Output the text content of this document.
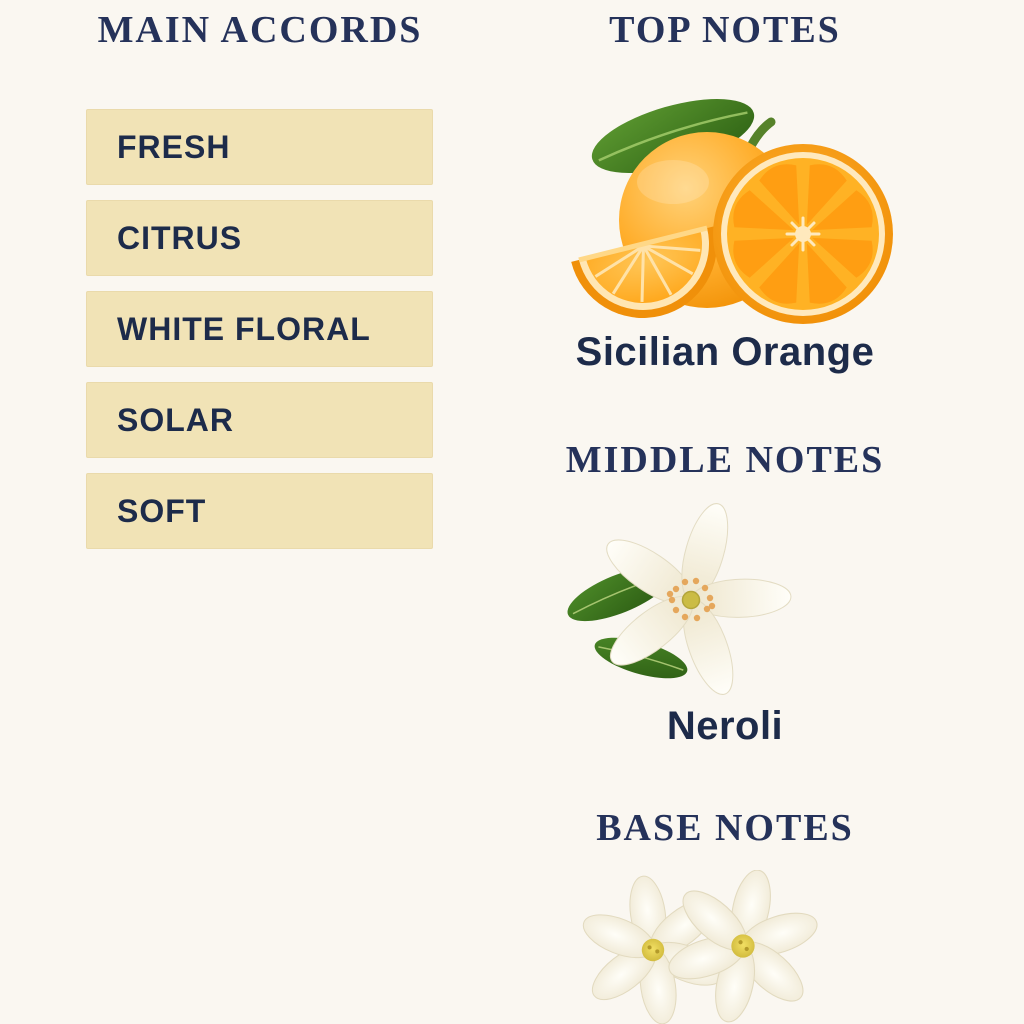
MAIN ACCORDS
FRESH
CITRUS
WHITE FLORAL
SOLAR
SOFT
TOP NOTES
Sicilian Orange
MIDDLE NOTES
Neroli
BASE NOTES
